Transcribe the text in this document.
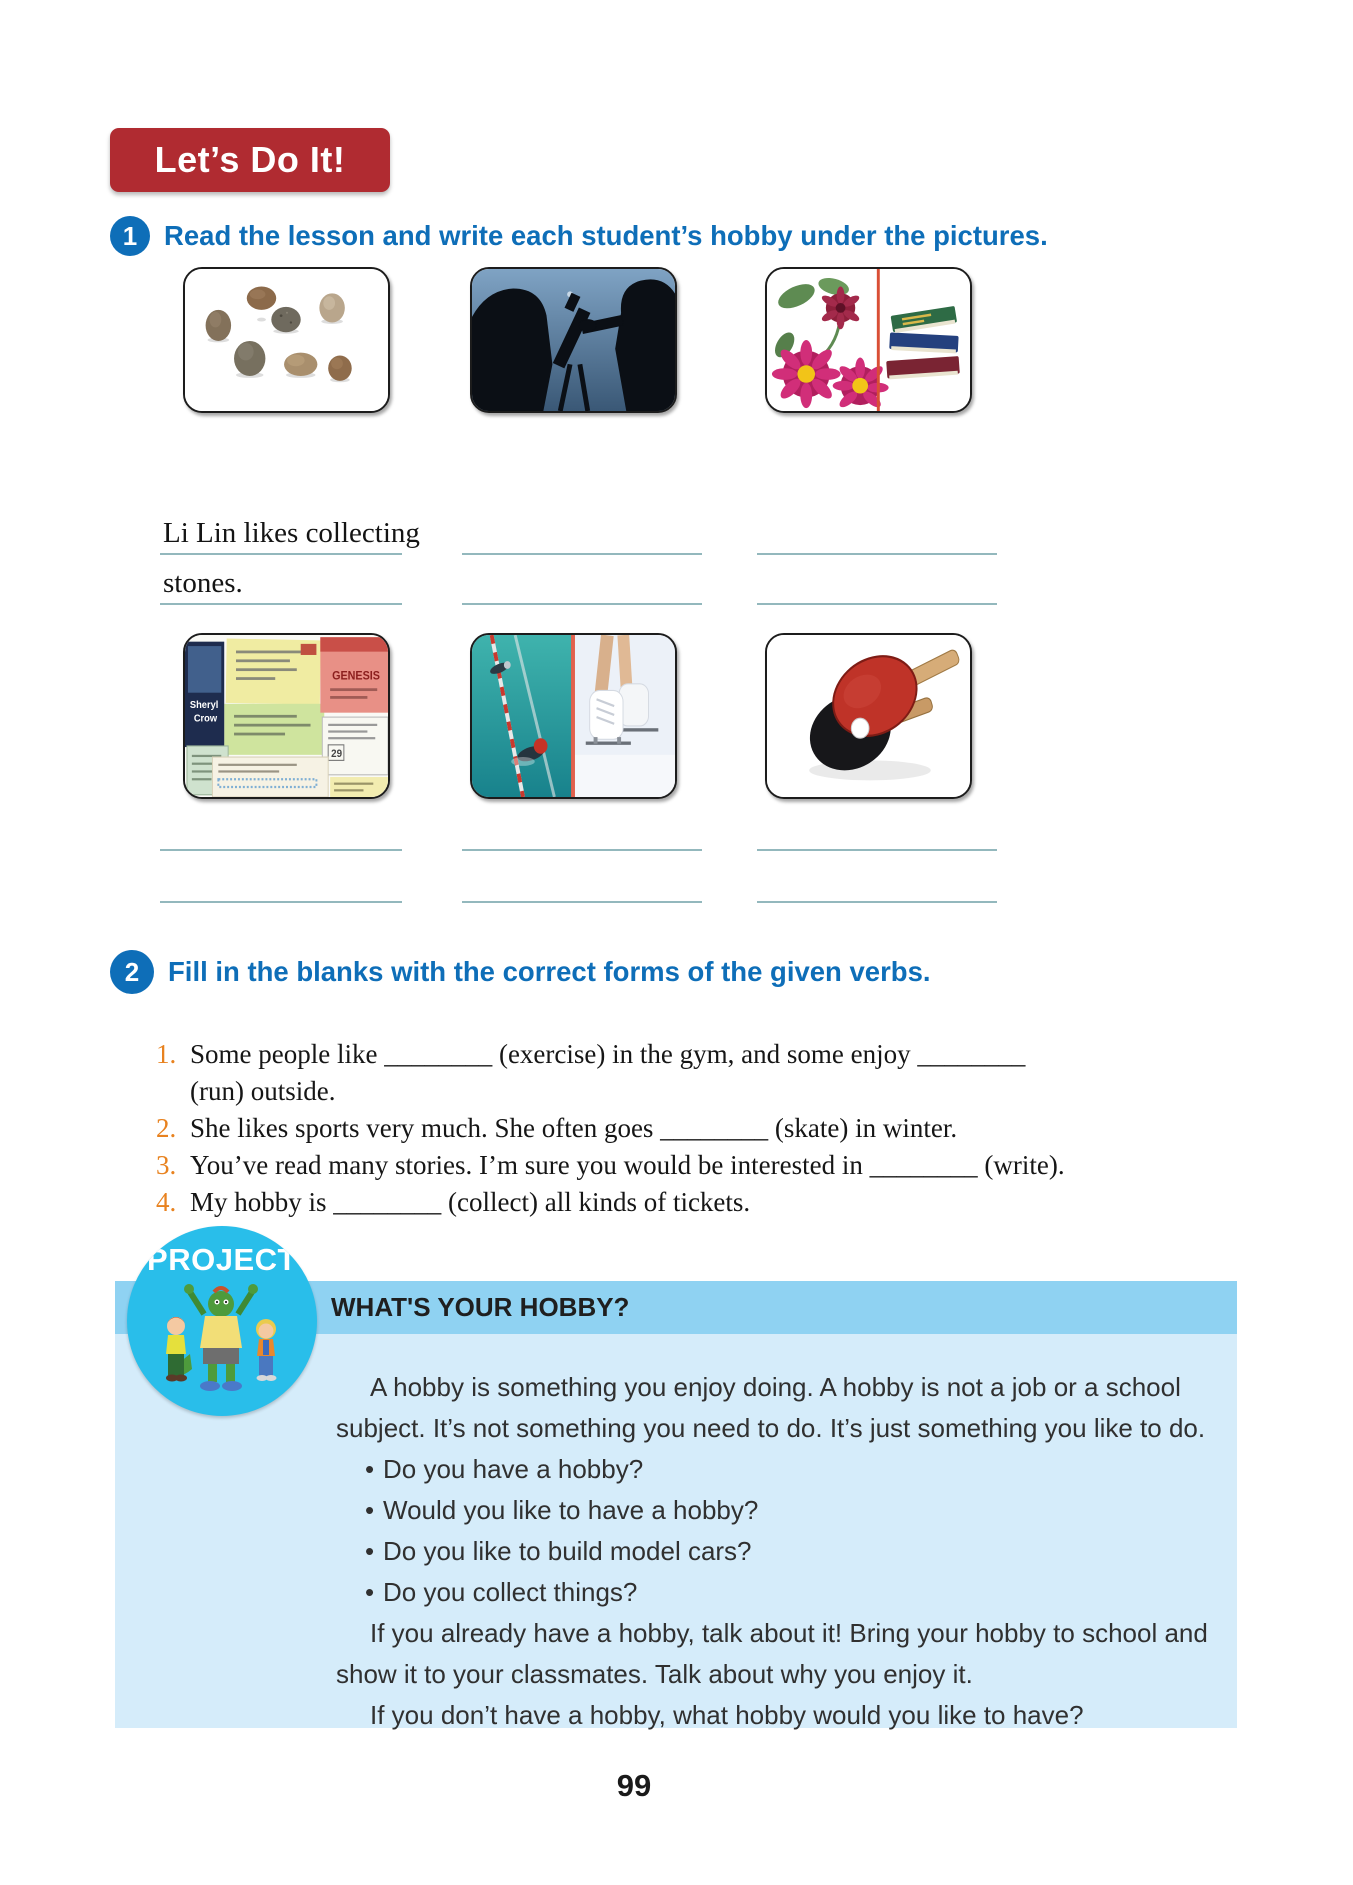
Let’s Do It!
1 Read the lesson and write each student’s hobby under the pictures.
Li Lin likes collecting
stones.
GENESIS
Sheryl
Crow
29
2	Fill in the blanks with the correct forms of the given verbs.
1. Some people like ________ (exercise) in the gym, and some enjoy ________
(run) outside.
2. She likes sports very much. She often goes ________ (skate) in winter.
3. You’ve read many stories. I’m sure you would be interested in ________ (write).
4. My hobby is ________ (collect) all kinds of tickets.
WHAT'S YOUR HOBBY?

A hobby is something you enjoy doing. A hobby is not a job or a school subject. It’s not something you need to do. It’s just something you like to do.

• Do you have a hobby?
• Would you like to have a hobby?
• Do you like to build model cars?
• Do you collect things?

If you already have a hobby, talk about it! Bring your hobby to school and show it to your classmates. Talk about why you enjoy it.

If you don’t have a hobby, what hobby would you like to have?

PROJECT
99
